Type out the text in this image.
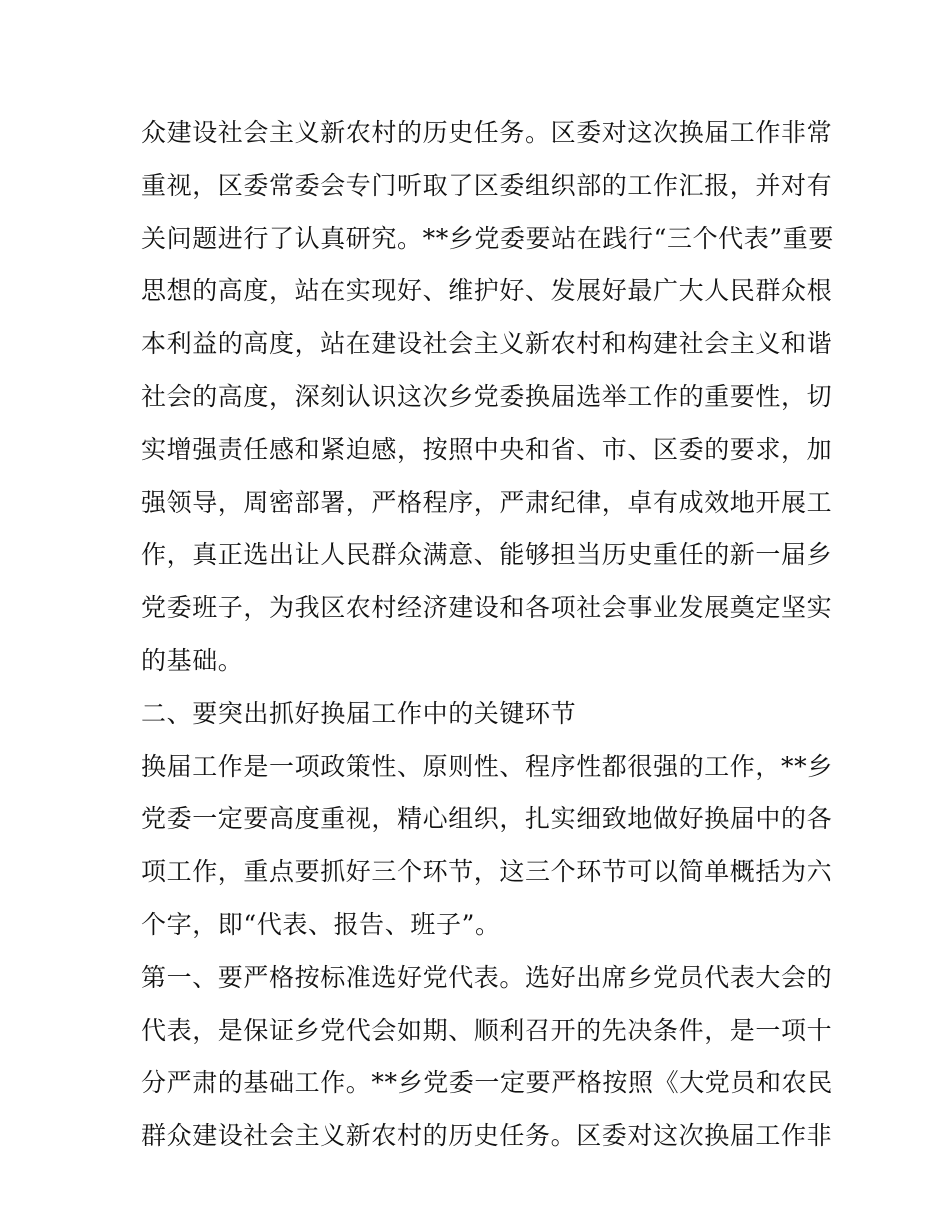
众建设社会主义新农村的历史任务。区委对这次换届工作非常
重视，区委常委会专门听取了区委组织部的工作汇报，并对有
关问题进行了认真研究。**乡党委要站在践行“三个代表”重要
思想的高度，站在实现好、维护好、发展好最广大人民群众根
本利益的高度，站在建设社会主义新农村和构建社会主义和谐
社会的高度，深刻认识这次乡党委换届选举工作的重要性，切
实增强责任感和紧迫感，按照中央和省、市、区委的要求，加
强领导，周密部署，严格程序，严肃纪律，卓有成效地开展工
作，真正选出让人民群众满意、能够担当历史重任的新一届乡
党委班子，为我区农村经济建设和各项社会事业发展奠定坚实
的基础。
二、要突出抓好换届工作中的关键环节
换届工作是一项政策性、原则性、程序性都很强的工作，**乡
党委一定要高度重视，精心组织，扎实细致地做好换届中的各
项工作，重点要抓好三个环节，这三个环节可以简单概括为六
个字，即“代表、报告、班子”。
第一、要严格按标准选好党代表。选好出席乡党员代表大会的
代表，是保证乡党代会如期、顺利召开的先决条件，是一项十
分严肃的基础工作。**乡党委一定要严格按照《大党员和农民
群众建设社会主义新农村的历史任务。区委对这次换届工作非
